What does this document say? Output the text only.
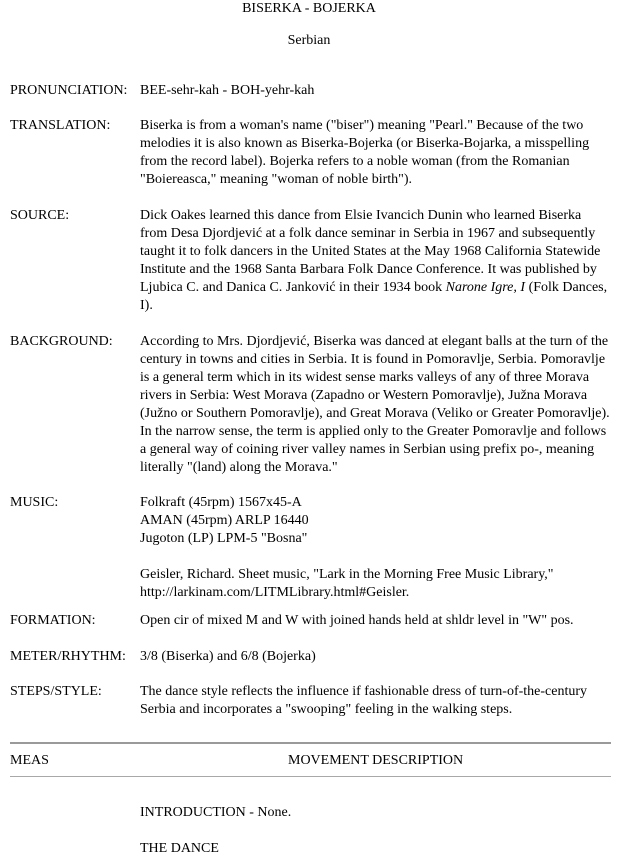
BISERKA - BOJERKA
Serbian
PRONUNCIATION: BEE-sehr-kah - BOH-yehr-kah
TRANSLATION: Biserka is from a woman's name ("biser") meaning "Pearl." Because of the two melodies it is also known as Biserka-Bojerka (or Biserka-Bojarka, a misspelling from the record label). Bojerka refers to a noble woman (from the Romanian "Boiereasca," meaning "woman of noble birth").
SOURCE:	Dick Oakes learned this dance from Elsie Ivancich Dunin who learned Biserka from Desa Djordjević at a folk dance seminar in Serbia in 1967 and subsequently taught it to folk dancers in the United States at the May 1968 California Statewide Institute and the 1968 Santa Barbara Folk Dance Conference. It was published by Ljubica C. and Danica C. Janković in their 1934 book Narone Igre, I (Folk Dances, I).
BACKGROUND: According to Mrs. Djordjević, Biserka was danced at elegant balls at the turn of the century in towns and cities in Serbia. It is found in Pomoravlje, Serbia. Pomoravlje is a general term which in its widest sense marks valleys of any of three Morava rivers in Serbia: West Morava (Zapadno or Western Pomoravlje), Južna Morava (Južno or Southern Pomoravlje), and Great Morava (Veliko or Greater Pomoravlje). In the narrow sense, the term is applied only to the Greater Pomoravlje and follows a general way of coining river valley names in Serbian using prefix po-, meaning literally "(land) along the Morava."
MUSIC:	Folkraft (45rpm) 1567x45-A
AMAN (45rpm) ARLP 16440
Jugoton (LP) LPM-5 "Bosna"

Geisler, Richard. Sheet music, "Lark in the Morning Free Music Library," http://larkinam.com/LITMLibrary.html#Geisler.

FORMATION:	Open cir of mixed M and W with joined hands held at shldr level in "W" pos.
METER/RHYTHM: 3/8 (Biserka) and 6/8 (Bojerka)
STEPS/STYLE:	The dance style reflects the influence if fashionable dress of turn-of-the-century Serbia and incorporates a "swooping" feeling in the walking steps.
MEAS	MOVEMENT DESCRIPTION
INTRODUCTION - None.
THE DANCE
